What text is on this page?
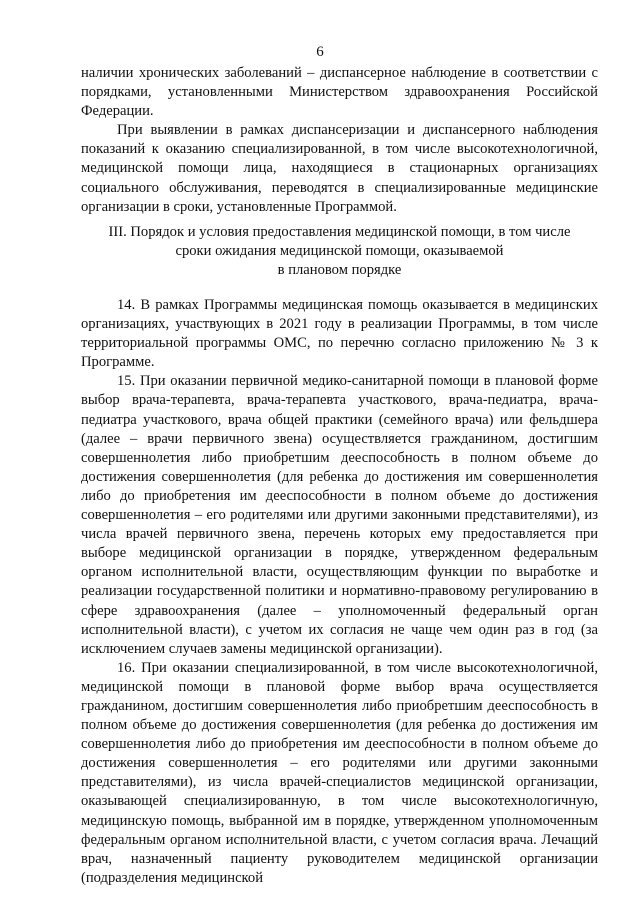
6

наличии хронических заболеваний – диспансерное наблюдение в соответствии с порядками, установленными Министерством здравоохранения Российской Федерации.

При выявлении в рамках диспансеризации и диспансерного наблюдения показаний к оказанию специализированной, в том числе высокотехнологичной, медицинской помощи лица, находящиеся в стационарных организациях социального обслуживания, переводятся в специализированные медицинские организации в сроки, установленные Программой.

III. Порядок и условия предоставления медицинской помощи, в том числе
сроки ожидания медицинской помощи, оказываемой
в плановом порядке

14. В рамках Программы медицинская помощь оказывается в медицинских организациях, участвующих в 2021 году в реализации Программы, в том числе территориальной программы ОМС, по перечню согласно приложению № 3 к Программе.

15. При оказании первичной медико-санитарной помощи в плановой форме выбор врача-терапевта, врача-терапевта участкового, врача-педиатра, врача-педиатра участкового, врача общей практики (семейного врача) или фельдшера (далее – врачи первичного звена) осуществляется гражданином, достигшим совершеннолетия либо приобретшим дееспособность в полном объеме до достижения совершеннолетия (для ребенка до достижения им совершеннолетия либо до приобретения им дееспособности в полном объеме до достижения совершеннолетия – его родителями или другими законными представителями), из числа врачей первичного звена, перечень которых ему предоставляется при выборе медицинской организации в порядке, утвержденном федеральным органом исполнительной власти, осуществляющим функции по выработке и реализации государственной политики и нормативно-правовому регулированию в сфере здравоохранения (далее – уполномоченный федеральный орган исполнительной власти), с учетом их согласия не чаще чем один раз в год (за исключением случаев замены медицинской организации).

16. При оказании специализированной, в том числе высокотехнологичной, медицинской помощи в плановой форме выбор врача осуществляется гражданином, достигшим совершеннолетия либо приобретшим дееспособность в полном объеме до достижения совершеннолетия (для ребенка до достижения им совершеннолетия либо до приобретения им дееспособности в полном объеме до достижения совершеннолетия – его родителями или другими законными представителями), из числа врачей-специалистов медицинской организации, оказывающей специализированную, в том числе высокотехнологичную, медицинскую помощь, выбранной им в порядке, утвержденном уполномоченным федеральным органом исполнительной власти, с учетом согласия врача. Лечащий врач, назначенный пациенту руководителем медицинской организации (подразделения медицинской
